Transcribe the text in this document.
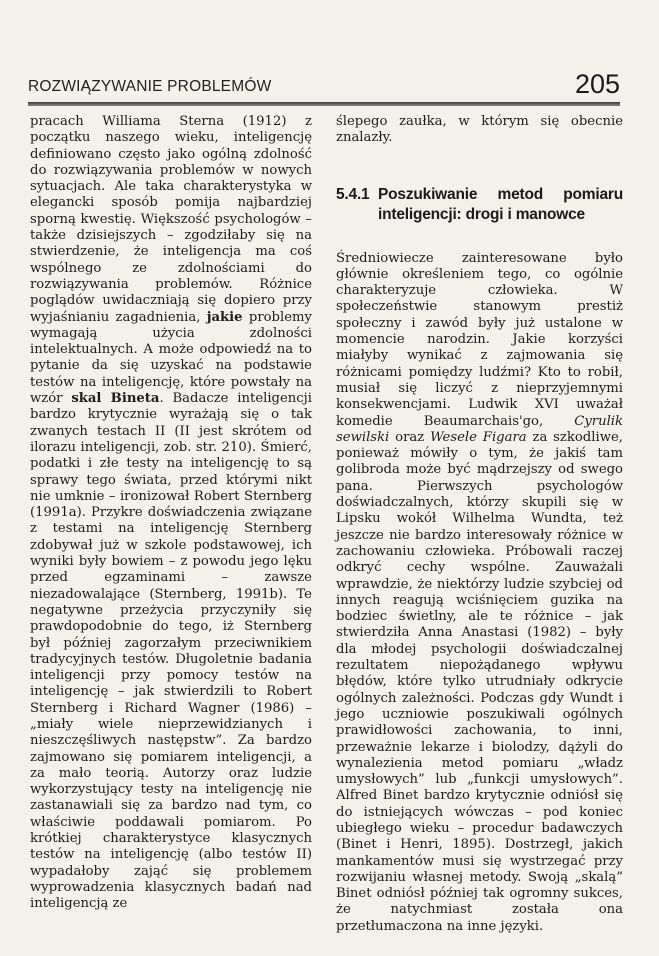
ROZWIĄZYWANIE PROBLEMÓW	205

pracach Williama Sterna (1912) z początku naszego wieku, inteligencję definiowano często jako ogólną zdolność do rozwiązywania problemów w nowych sytuacjach. Ale taka charakterystyka w elegancki sposób pomija najbardziej sporną kwestię. Większość psychologów – także dzisiejszych – zgodziłaby się na stwierdzenie, że inteligencja ma coś wspólnego ze zdolnościami do rozwiązywania problemów. Różnice poglądów uwidaczniają się dopiero przy wyjaśnianiu zagadnienia, jakie problemy wymagają użycia zdolności intelektualnych. A może odpowiedź na to pytanie da się uzyskać na podstawie testów na inteligencję, które powstały na wzór skal Bineta. Badacze inteligencji bardzo krytycznie wyrażają się o tak zwanych testach II (II jest skrótem od ilorazu inteligencji, zob. str. 210). Śmierć, podatki i złe testy na inteligencję to są sprawy tego świata, przed którymi nikt nie umknie – ironizował Robert Sternberg (1991a). Przykre doświadczenia związane z testami na inteligencję Sternberg zdobywał już w szkole podstawowej, ich wyniki były bowiem – z powodu jego lęku przed egzaminami – zawsze niezadowalające (Sternberg, 1991b). Te negatywne przeżycia przyczyniły się prawdopodobnie do tego, iż Sternberg był później zagorzałym przeciwnikiem tradycyjnych testów. Długoletnie badania inteligencji przy pomocy testów na inteligencję – jak stwierdzili to Robert Sternberg i Richard Wagner (1986) – „miały wiele nieprzewidzianych i nieszczęśliwych następstw”. Za bardzo zajmowano się pomiarem inteligencji, a za mało teorią. Autorzy oraz ludzie wykorzystujący testy na inteligencję nie zastanawiali się za bardzo nad tym, co właściwie poddawali pomiarom. Po krótkiej charakterystyce klasycznych testów na inteligencję (albo testów II) wypadałoby zająć się problemem wyprowadzenia klasycznych badań nad inteligencją ze

ślepego zaułka, w którym się obecnie znalazły.

5.4.1 Poszukiwanie metod pomiaru inteligencji: drogi i manowce

Średniowiecze zainteresowane było głównie określeniem tego, co ogólnie charakteryzuje człowieka. W społeczeństwie stanowym prestiż społeczny i zawód były już ustalone w momencie narodzin. Jakie korzyści miałyby wynikać z zajmowania się różnicami pomiędzy ludźmi? Kto to robił, musiał się liczyć z nieprzyjemnymi konsekwencjami. Ludwik XVI uważał komedie Beaumarchais'go, Cyrulik sewilski oraz Wesele Figara za szkodliwe, ponieważ mówiły o tym, że jakiś tam golibroda może być mądrzejszy od swego pana. Pierwszych psychologów doświadczalnych, którzy skupili się w Lipsku wokół Wilhelma Wundta, też jeszcze nie bardzo interesowały różnice w zachowaniu człowieka. Próbowali raczej odkryć cechy wspólne. Zauważali wprawdzie, że niektórzy ludzie szybciej od innych reagują wciśnięciem guzika na bodziec świetlny, ale te różnice – jak stwierdziła Anna Anastasi (1982) – były dla młodej psychologii doświadczalnej rezultatem niepożądanego wpływu błędów, które tylko utrudniały odkrycie ogólnych zależności. Podczas gdy Wundt i jego uczniowie poszukiwali ogólnych prawidłowości zachowania, to inni, przeważnie lekarze i biolodzy, dążyli do wynalezienia metod pomiaru „władz umysłowych” lub „funkcji umysłowych”. Alfred Binet bardzo krytycznie odniósł się do istniejących wówczas – pod koniec ubiegłego wieku – procedur badawczych (Binet i Henri, 1895). Dostrzegł, jakich mankamentów musi się wystrzegać przy rozwijaniu własnej metody. Swoją „skalą” Binet odniósł później tak ogromny sukces, że natychmiast została ona przetłumaczona na inne języki.
